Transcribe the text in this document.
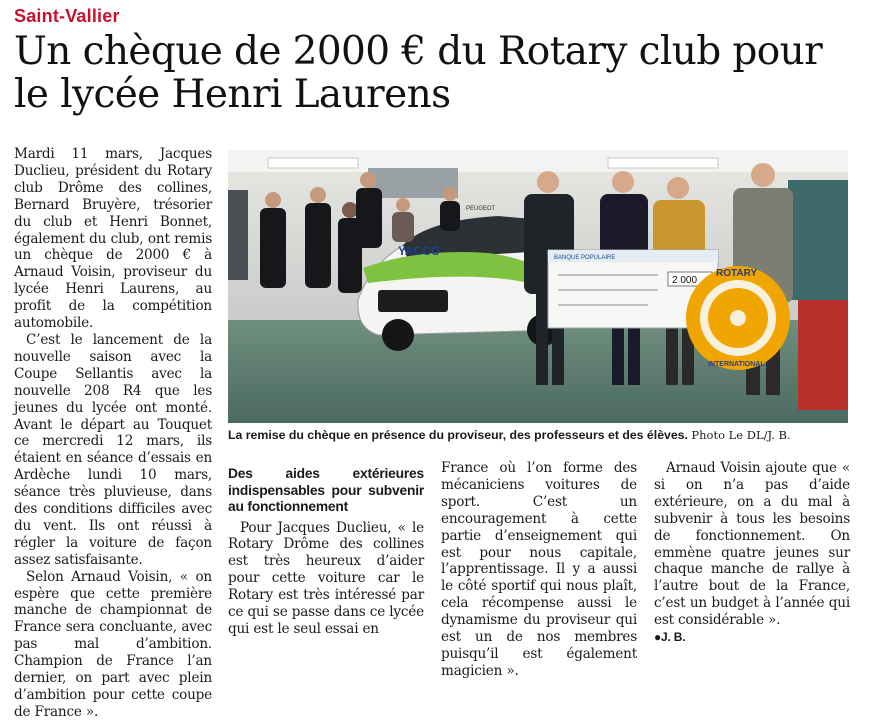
Saint-Vallier
Un chèque de 2000 € du Rotary club pour le lycée Henri Laurens

Mardi 11 mars, Jacques Duclieu, président du Rotary club Drôme des collines, Bernard Bruyère, trésorier du club et Henri Bonnet, également du club, ont remis un chèque de 2000 € à Arnaud Voisin, proviseur du lycée Henri Laurens, au profit de la compétition automobile.

C’est le lancement de la nouvelle saison avec la Coupe Sellantis avec la nouvelle 208 R4 que les jeunes du lycée ont monté. Avant le départ au Touquet ce mercredi 12 mars, ils étaient en séance d’essais en Ardèche lundi 10 mars, séance très pluvieuse, dans des conditions difficiles avec du vent. Ils ont réussi à régler la voiture de façon assez satisfaisante.

Selon Arnaud Voisin, « on espère que cette première manche de championnat de France sera concluante, avec pas mal d’ambition. Champion de France l’an dernier, on part avec plein d’ambition pour cette coupe de France ».

YACCO
PEUGEOT
BANQUE POPULAIRE
2 000
ROTARY
INTERNATIONAL
La remise du chèque en présence du proviseur, des professeurs et des élèves. Photo Le DL/J. B.
Des aides extérieures indispensables pour subvenir au fonctionnement

Pour Jacques Duclieu, « le Rotary Drôme des collines est très heureux d’aider pour cette voiture car le Rotary est très intéressé par ce qui se passe dans ce lycée qui est le seul essai en

France où l’on forme des mécaniciens voitures de sport. C’est un encouragement à cette partie d’enseignement qui est pour nous capitale, l’apprentissage. Il y a aussi le côté sportif qui nous plaît, cela récompense aussi le dynamisme du proviseur qui est un de nos membres puisqu’il est également magicien ».

Arnaud Voisin ajoute que « si on n’a pas d’aide extérieure, on a du mal à subvenir à tous les besoins de fonctionnement. On emmène quatre jeunes sur chaque manche de rallye à l’autre bout de la France, c’est un budget à l’année qui est considérable ».

●J. B.
